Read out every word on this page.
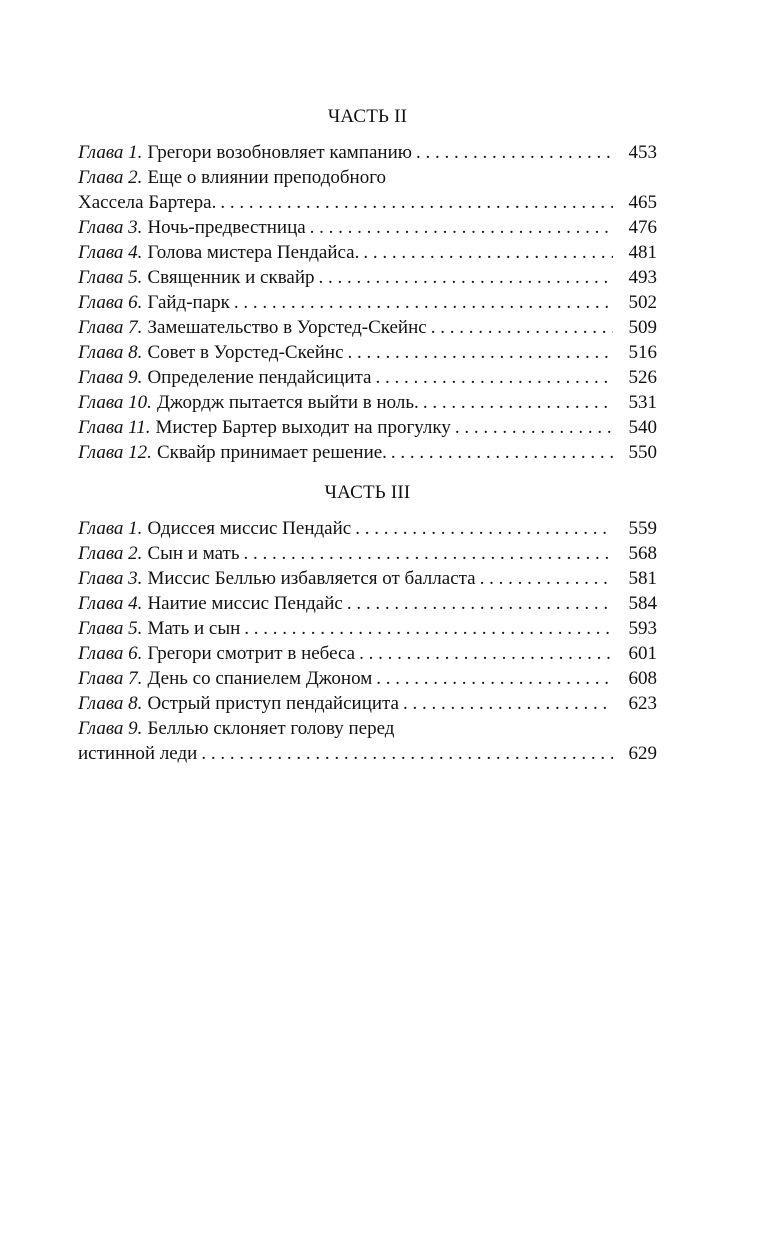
ЧАСТЬ II
Глава 1. Грегори возобновляет кампанию . . .	453
Глава 2. Еще о влиянии преподобного
Хассела Бартера. . . .	465
Глава 3. Ночь-предвестница . . .	476
Глава 4. Голова мистера Пендайса. . . .	481
Глава 5. Священник и сквайр . . .	493
Глава 6. Гайд-парк . . .	502
Глава 7. Замешательство в Уорстед-Скейнс . . .	509
Глава 8. Совет в Уорстед-Скейнс . . .	516
Глава 9. Определение пендайсицита . . .	526
Глава 10. Джордж пытается выйти в ноль. . . .	531
Глава 11. Мистер Бартер выходит на прогулку . . .	540
Глава 12. Сквайр принимает решение. . . .	550
ЧАСТЬ III
Глава 1. Одиссея миссис Пендайс . . .	559
Глава 2. Сын и мать . . .	568
Глава 3. Миссис Беллью избавляется от балласта . . .	581
Глава 4. Наитие миссис Пендайс . . .	584
Глава 5. Мать и сын . . .	593
Глава 6. Грегори смотрит в небеса . . .	601
Глава 7. День со спаниелем Джоном . . .	608
Глава 8. Острый приступ пендайсицита . . .	623
Глава 9. Беллью склоняет голову перед
истинной леди . . .	629
